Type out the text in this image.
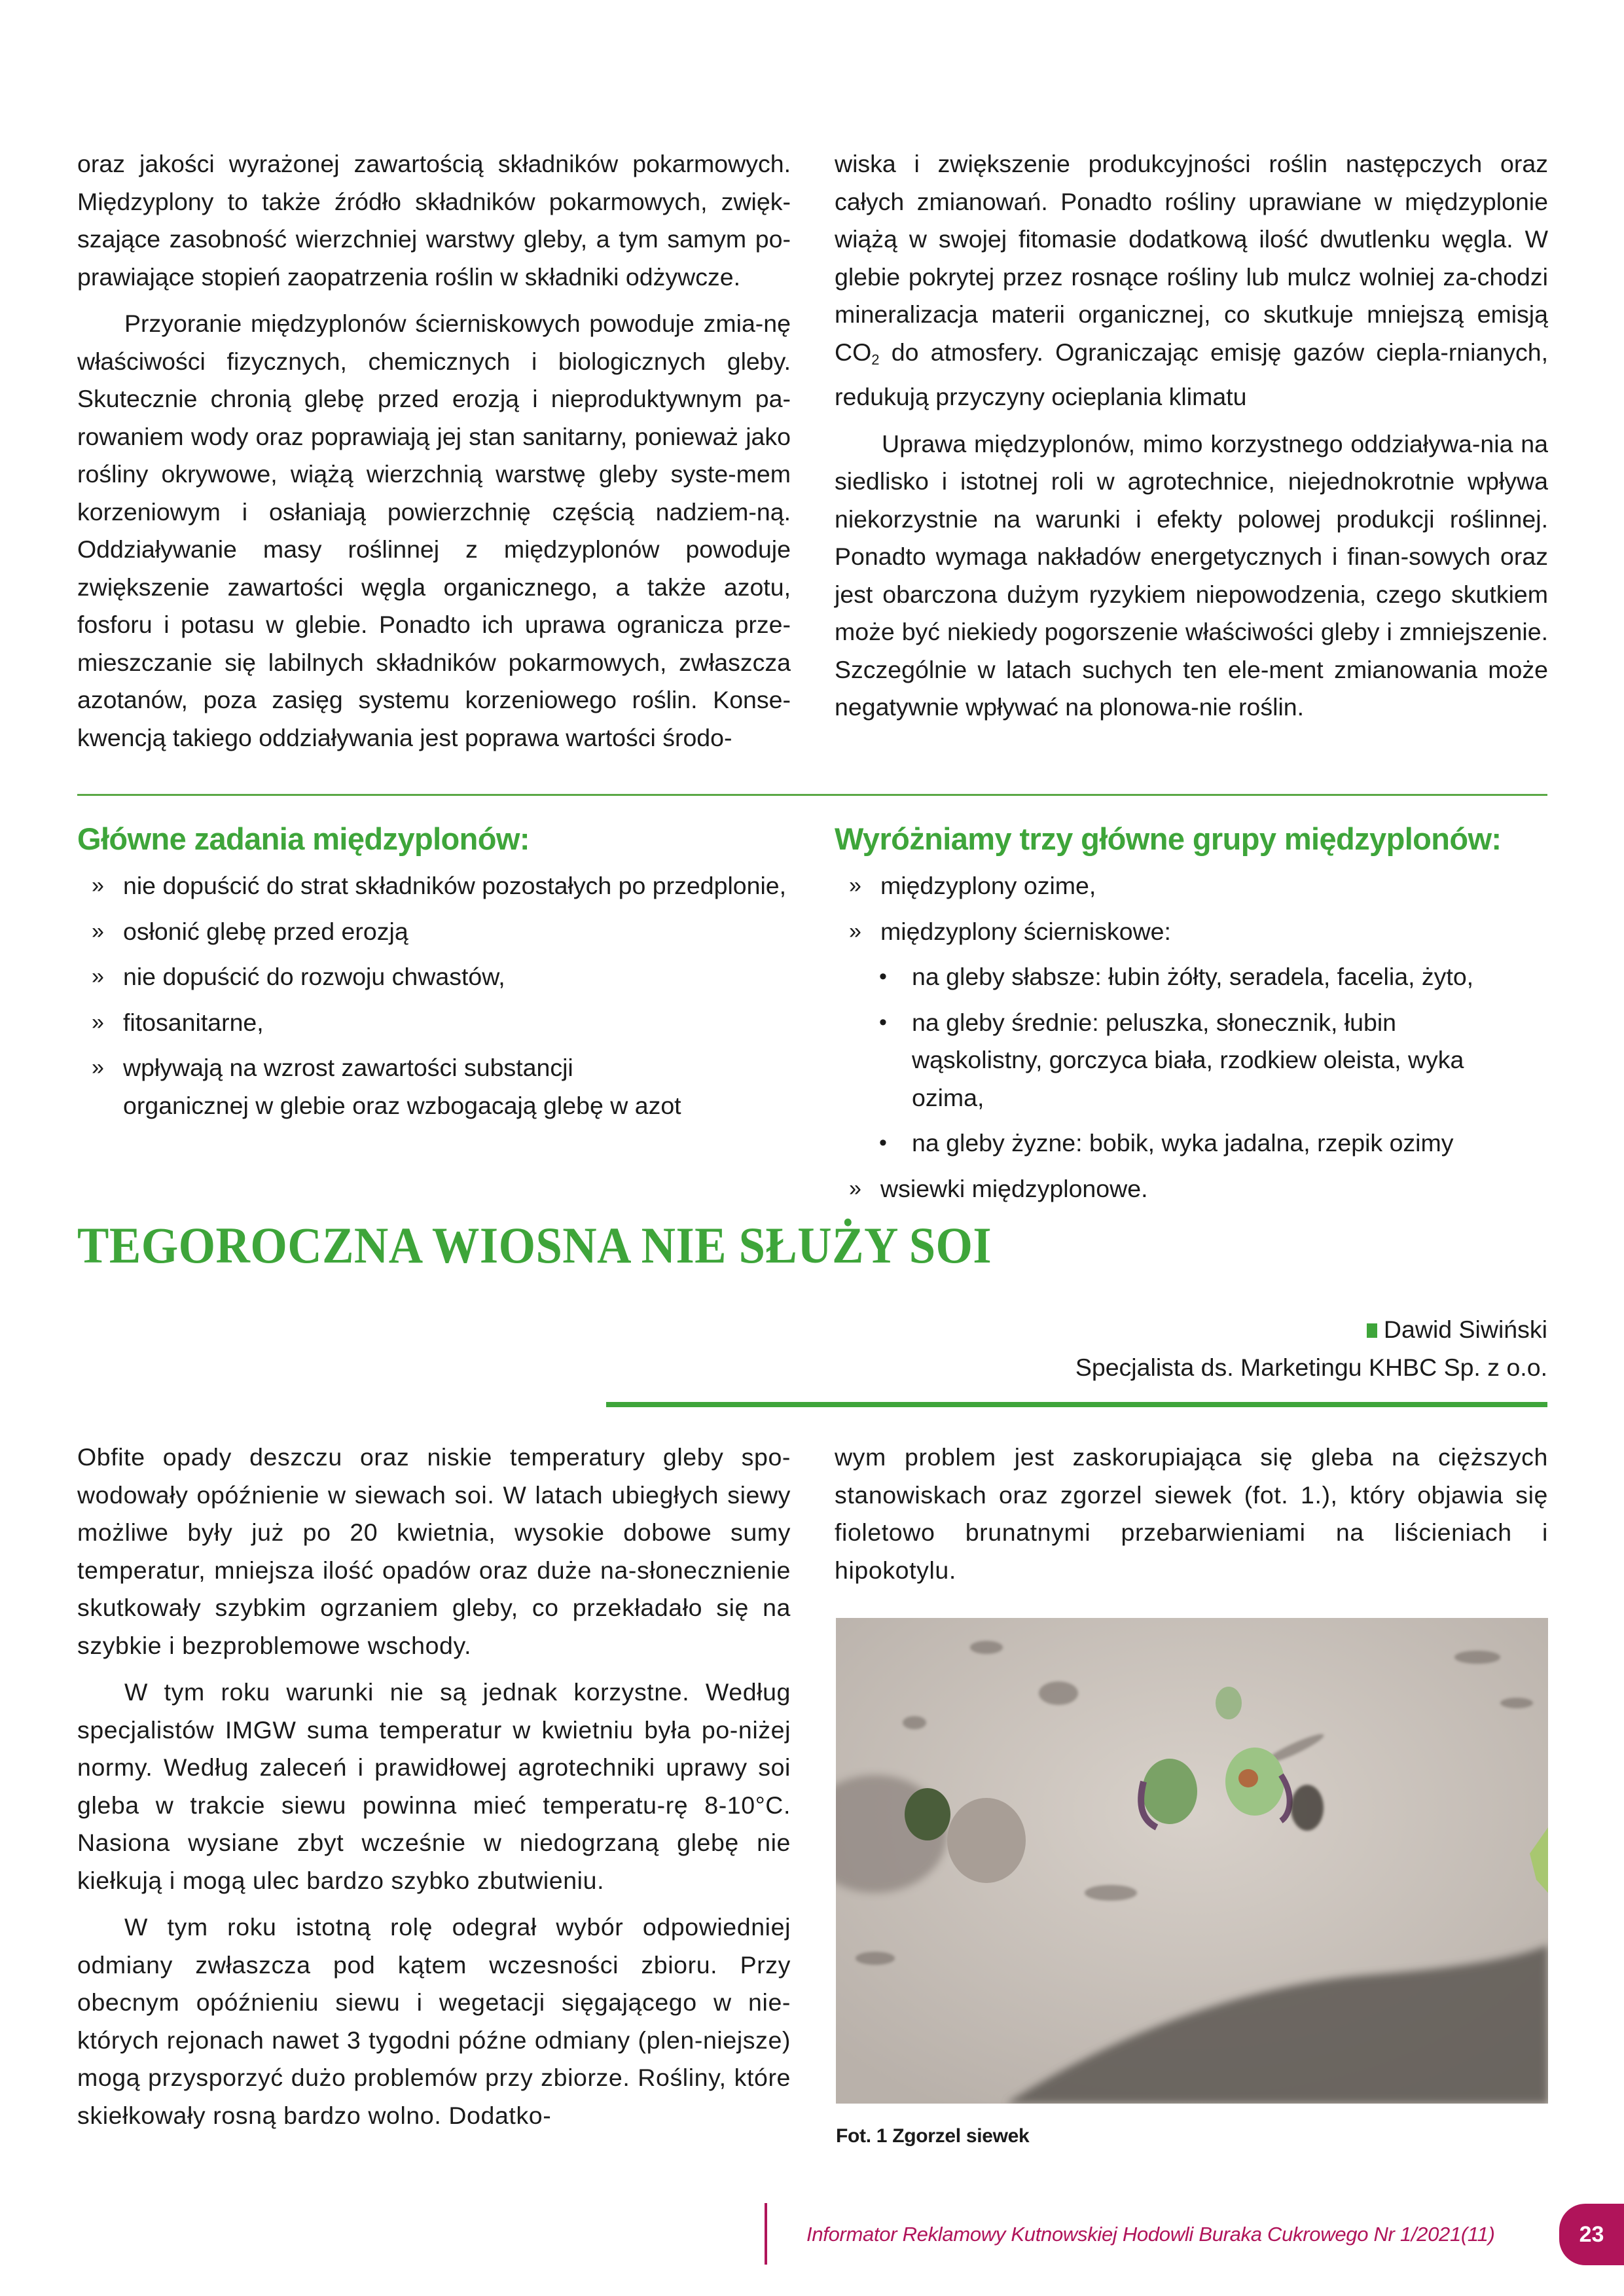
oraz jakości wyrażonej zawartością składników pokarmowych. Międzyplony to także źródło składników pokarmowych, zwięk-szające zasobność wierzchniej warstwy gleby, a tym samym po-prawiające stopień zaopatrzenia roślin w składniki odżywcze.

Przyoranie międzyplonów ścierniskowych powoduje zmia-nę właściwości fizycznych, chemicznych i biologicznych gleby. Skutecznie chronią glebę przed erozją i nieproduktywnym pa-rowaniem wody oraz poprawiają jej stan sanitarny, ponieważ jako rośliny okrywowe, wiążą wierzchnią warstwę gleby syste-mem korzeniowym i osłaniają powierzchnię częścią nadziem-ną. Oddziaływanie masy roślinnej z międzyplonów powoduje zwiększenie zawartości węgla organicznego, a także azotu, fosforu i potasu w glebie. Ponadto ich uprawa ogranicza prze-mieszczanie się labilnych składników pokarmowych, zwłaszcza azotanów, poza zasięg systemu korzeniowego roślin. Konse-kwencją takiego oddziaływania jest poprawa wartości środo-

wiska i zwiększenie produkcyjności roślin następczych oraz całych zmianowań. Ponadto rośliny uprawiane w międzyplonie wiążą w swojej fitomasie dodatkową ilość dwutlenku węgla. W glebie pokrytej przez rosnące rośliny lub mulcz wolniej za-chodzi mineralizacja materii organicznej, co skutkuje mniejszą emisją $CO_2$ do atmosfery. Ograniczając emisję gazów ciepla-rnianych, redukują przyczyny ocieplania klimatu

Uprawa międzyplonów, mimo korzystnego oddziaływa-nia na siedlisko i istotnej roli w agrotechnice, niejednokrotnie wpływa niekorzystnie na warunki i efekty polowej produkcji roślinnej. Ponadto wymaga nakładów energetycznych i finan-sowych oraz jest obarczona dużym ryzykiem niepowodzenia, czego skutkiem może być niekiedy pogorszenie właściwości gleby i zmniejszenie. Szczególnie w latach suchych ten ele-ment zmianowania może negatywnie wpływać na plonowa-nie roślin.

Główne zadania międzyplonów:
» nie dopuścić do strat składników pozostałych po przedplonie,
» osłonić glebę przed erozją
» nie dopuścić do rozwoju chwastów,
» fitosanitarne,
» wpływają na wzrost zawartości substancji organicznej w glebie oraz wzbogacają glebę w azot
Wyróżniamy trzy główne grupy międzyplonów:
» międzyplony ozime,
» międzyplony ścierniskowe:
• na gleby słabsze: łubin żółty, seradela, facelia, żyto,
• na gleby średnie: peluszka, słonecznik, łubin wąskolistny, gorczyca biała, rzodkiew oleista, wyka ozima,
• na gleby żyzne: bobik, wyka jadalna, rzepik ozimy
» wsiewki międzyplonowe.
TEGOROCZNA WIOSNA NIE SŁUŻY SOI
Dawid Siwiński
Specjalista ds. Marketingu KHBC Sp. z o.o.

Obfite opady deszczu oraz niskie temperatury gleby spo-wodowały opóźnienie w siewach soi. W latach ubiegłych siewy możliwe były już po 20 kwietnia, wysokie dobowe sumy temperatur, mniejsza ilość opadów oraz duże na-słonecznienie skutkowały szybkim ogrzaniem gleby, co przekładało się na szybkie i bezproblemowe wschody.

W tym roku warunki nie są jednak korzystne. Według specjalistów IMGW suma temperatur w kwietniu była po-niżej normy. Według zaleceń i prawidłowej agrotechniki uprawy soi gleba w trakcie siewu powinna mieć temperatu-rę 8-10°C. Nasiona wysiane zbyt wcześnie w niedogrzaną glebę nie kiełkują i mogą ulec bardzo szybko zbutwieniu.

W tym roku istotną rolę odegrał wybór odpowiedniej odmiany zwłaszcza pod kątem wczesności zbioru. Przy obecnym opóźnieniu siewu i wegetacji sięgającego w nie-których rejonach nawet 3 tygodni późne odmiany (plen-niejsze) mogą przysporzyć dużo problemów przy zbiorze. Rośliny, które skiełkowały rosną bardzo wolno. Dodatko-

wym problem jest zaskorupiająca się gleba na cięższych stanowiskach oraz zgorzel siewek (fot. 1.), który objawia się fioletowo brunatnymi przebarwieniami na liścieniach i hipokotylu.

Fot. 1 Zgorzel siewek
Informator Reklamowy Kutnowskiej Hodowli Buraka Cukrowego Nr 1/2021(11)	23
